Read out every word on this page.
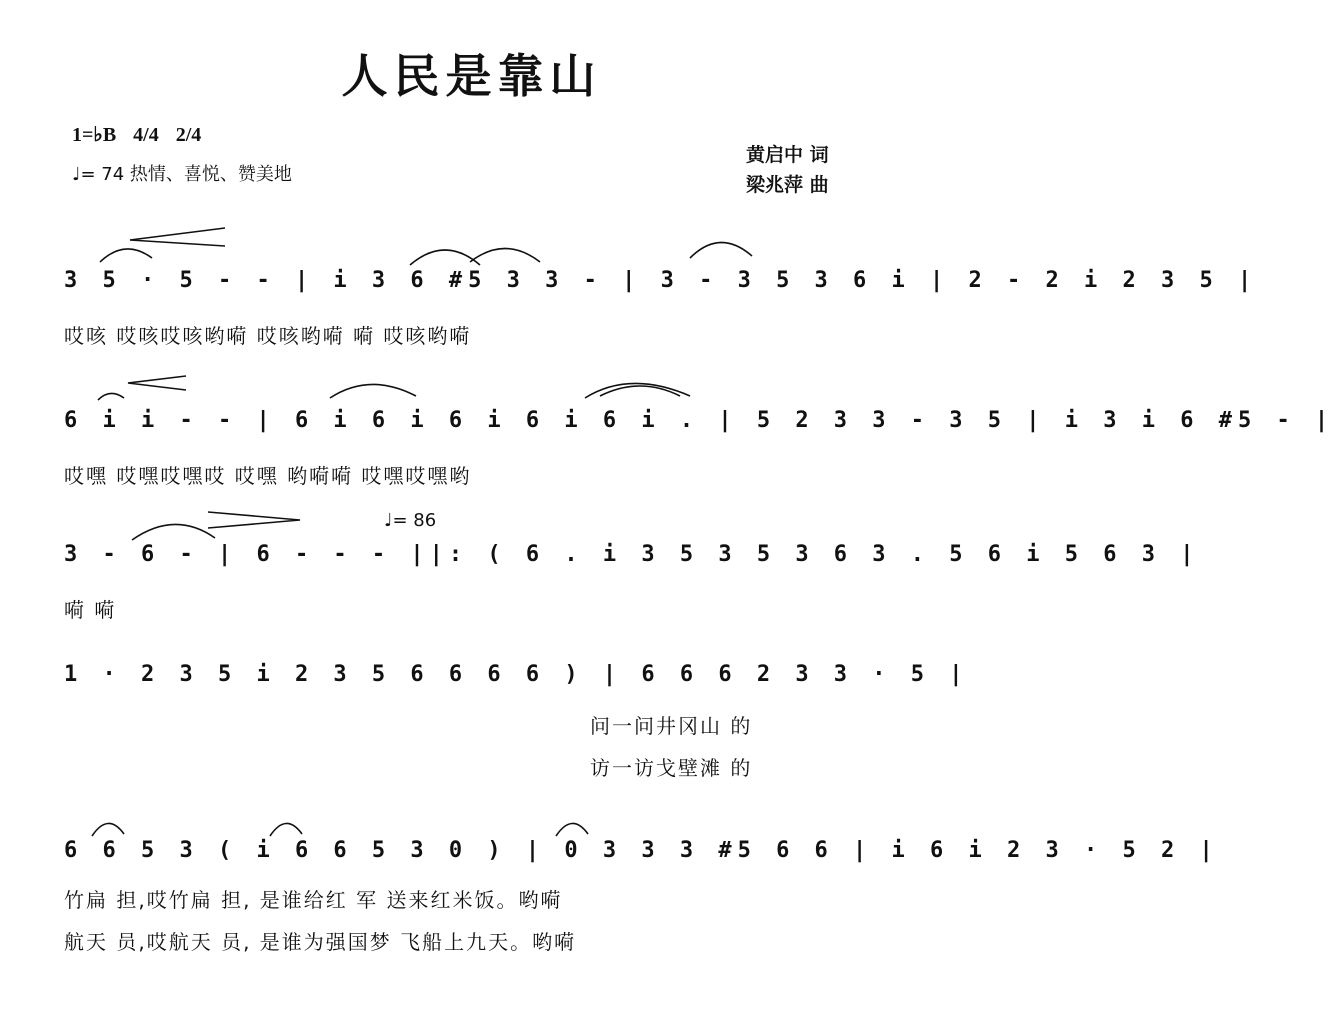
人民是靠山
1=♭B 4/4 2/4
♩= 74 热情、喜悦、赞美地
黄启中 词
梁兆萍 曲
3 5 · 5 - - | i 3 6 #5 3 3 - | 3 - 3 5 3 6 i | 2 - 2 i 2 3 5 |
哎咳 哎咳哎咳哟嗬 哎咳哟嗬 嗬 哎咳哟嗬
6 i i - - | 6 i 6 i 6 i 6 i 6 i . | 5 2 3 3 - 3 5 | i 3 i 6 #5 - |
哎嘿 哎嘿哎嘿哎 哎嘿 哟嗬嗬 哎嘿哎嘿哟
♩= 86
3 - 6 - | 6 - - - ||: ( 6 . i 3 5 3 5 3 6 3 . 5 6 i 5 6 3 |
嗬 嗬
1 · 2 3 5 i 2 3 5 6 6 6 6 ) | 6 6 6 2 3 3 · 5 |
问一问井冈山 的
访一访戈壁滩 的
6 6 5 3 ( i 6 6 5 3 0 ) | 0 3 3 3 #5 6 6 | i 6 i 2 3 · 5 2 |
竹扁 担,哎竹扁 担, 是谁给红 军 送来红米饭。哟嗬
航天 员,哎航天 员, 是谁为强国梦 飞船上九天。哟嗬
